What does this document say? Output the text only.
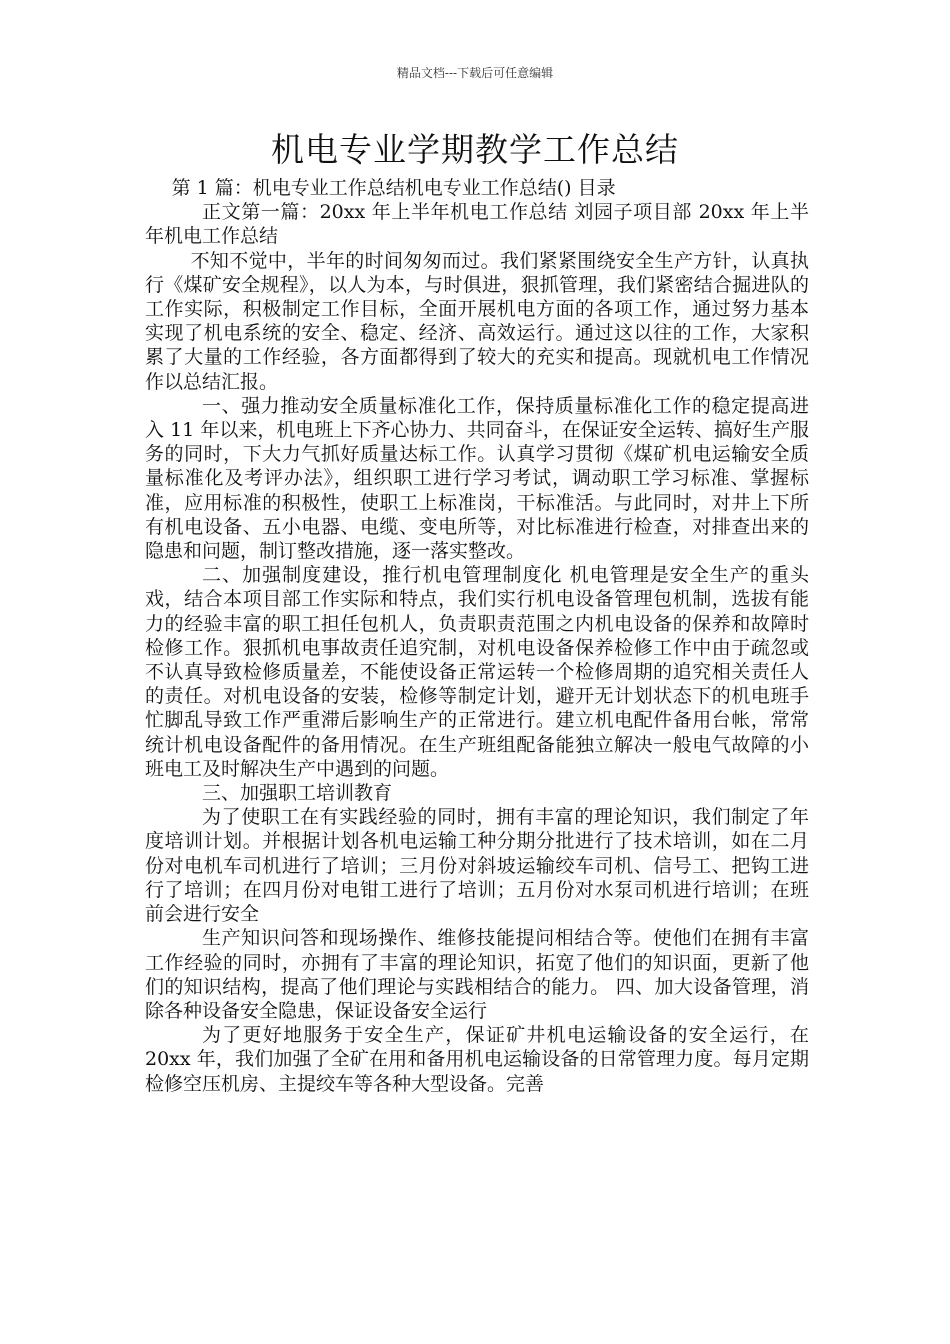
精品文档---下载后可任意编辑
机电专业学期教学工作总结

第 1 篇：机电专业工作总结机电专业工作总结() 目录

正文第一篇：20xx 年上半年机电工作总结 刘园子项目部 20xx 年上半年机电工作总结

不知不觉中，半年的时间匆匆而过。我们紧紧围绕安全生产方针，认真执行《煤矿安全规程》，以人为本，与时俱进，狠抓管理，我们紧密结合掘进队的工作实际，积极制定工作目标，全面开展机电方面的各项工作，通过努力基本实现了机电系统的安全、稳定、经济、高效运行。通过这以往的工作，大家积累了大量的工作经验，各方面都得到了较大的充实和提高。现就机电工作情况作以总结汇报。

一、强力推动安全质量标准化工作，保持质量标准化工作的稳定提高进入 11 年以来，机电班上下齐心协力、共同奋斗，在保证安全运转、搞好生产服务的同时，下大力气抓好质量达标工作。认真学习贯彻《煤矿机电运输安全质量标准化及考评办法》，组织职工进行学习考试，调动职工学习标准、掌握标准，应用标准的积极性，使职工上标准岗，干标准活。与此同时，对井上下所有机电设备、五小电器、电缆、变电所等，对比标准进行检查，对排查出来的隐患和问题，制订整改措施，逐一落实整改。

二、加强制度建设，推行机电管理制度化 机电管理是安全生产的重头戏，结合本项目部工作实际和特点，我们实行机电设备管理包机制，选拔有能力的经验丰富的职工担任包机人，负责职责范围之内机电设备的保养和故障时检修工作。狠抓机电事故责任追究制，对机电设备保养检修工作中由于疏忽或不认真导致检修质量差，不能使设备正常运转一个检修周期的追究相关责任人的责任。对机电设备的安装，检修等制定计划，避开无计划状态下的机电班手忙脚乱导致工作严重滞后影响生产的正常进行。建立机电配件备用台帐，常常统计机电设备配件的备用情况。在生产班组配备能独立解决一般电气故障的小班电工及时解决生产中遇到的问题。

三、加强职工培训教育

为了使职工在有实践经验的同时，拥有丰富的理论知识，我们制定了年度培训计划。并根据计划各机电运输工种分期分批进行了技术培训，如在二月份对电机车司机进行了培训；三月份对斜坡运输绞车司机、信号工、把钩工进行了培训；在四月份对电钳工进行了培训；五月份对水泵司机进行培训；在班前会进行安全

生产知识问答和现场操作、维修技能提问相结合等。使他们在拥有丰富工作经验的同时，亦拥有了丰富的理论知识，拓宽了他们的知识面，更新了他们的知识结构，提高了他们理论与实践相结合的能力。 四、加大设备管理，消除各种设备安全隐患，保证设备安全运行

为了更好地服务于安全生产，保证矿井机电运输设备的安全运行，在 20xx 年，我们加强了全矿在用和备用机电运输设备的日常管理力度。每月定期检修空压机房、主提绞车等各种大型设备。完善
